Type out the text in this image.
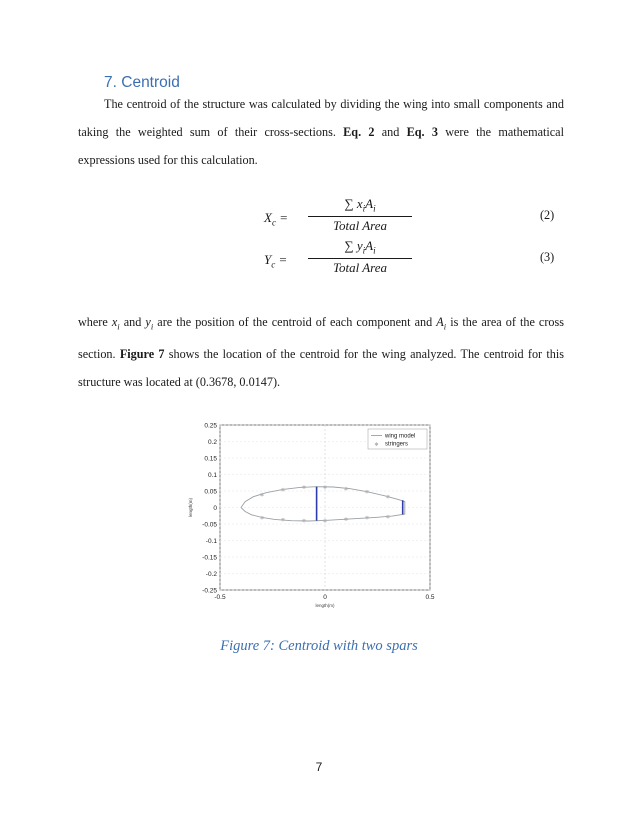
7. Centroid
The centroid of the structure was calculated by dividing the wing into small components and taking the weighted sum of their cross-sections. Eq. 2 and Eq. 3 were the mathematical expressions used for this calculation.
$X_c$ =
∑ $x_iA_i$
Total Area
(2)
$Y_c$ =
∑ $y_iA_i$
Total Area
(3)
where $x_i$ and $y_i$ are the position of the centroid of each component and $A_i$ is the area of the cross section. Figure 7 shows the location of the centroid for the wing analyzed. The centroid for this structure was located at (0.3678, 0.0147).
0.25
0.2
0.15
0.1
0.05
0
-0.05
-0.1
-0.15
-0.2
-0.25
-0.5	0	0.5
length(m)
length(m)
✱
✱	✱	✱	✱
✱
✱
✱	✱	✱	✱	✱	✱	✱
wing model
✱ stringers
Figure 7: Centroid with two spars
7
